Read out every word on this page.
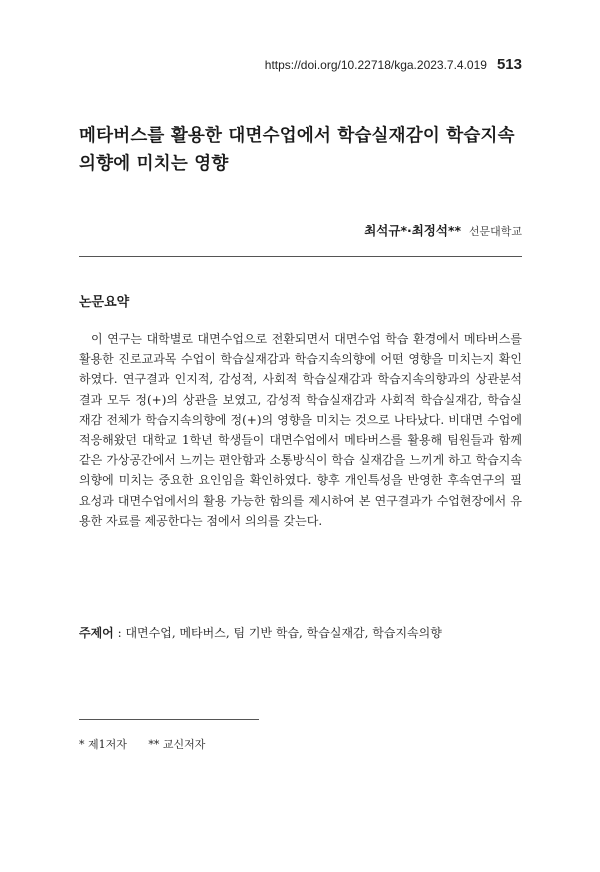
https://doi.org/10.22718/kga.2023.7.4.019 513
메타버스를 활용한 대면수업에서 학습실재감이 학습지속의향에 미치는 영향
최석규*·최정석** 선문대학교
논문요약

이 연구는 대학별로 대면수업으로 전환되면서 대면수업 학습 환경에서 메타버스를 활용한 진로교과목 수업이 학습실재감과 학습지속의향에 어떤 영향을 미치는지 확인하였다. 연구결과 인지적, 감성적, 사회적 학습실재감과 학습지속의향과의 상관분석결과 모두 정(+)의 상관을 보였고, 감성적 학습실재감과 사회적 학습실재감, 학습실재감 전체가 학습지속의향에 정(+)의 영향을 미치는 것으로 나타났다. 비대면 수업에 적응해왔던 대학교 1학년 학생들이 대면수업에서 메타버스를 활용해 팀원들과 함께 같은 가상공간에서 느끼는 편안함과 소통방식이 학습 실재감을 느끼게 하고 학습지속의향에 미치는 중요한 요인임을 확인하였다. 향후 개인특성을 반영한 후속연구의 필요성과 대면수업에서의 활용 가능한 함의를 제시하여 본 연구결과가 수업현장에서 유용한 자료를 제공한다는 점에서 의의를 갖는다.

주제어 : 대면수업, 메타버스, 팀 기반 학습, 학습실재감, 학습지속의향
* 제1저자 ** 교신저자
